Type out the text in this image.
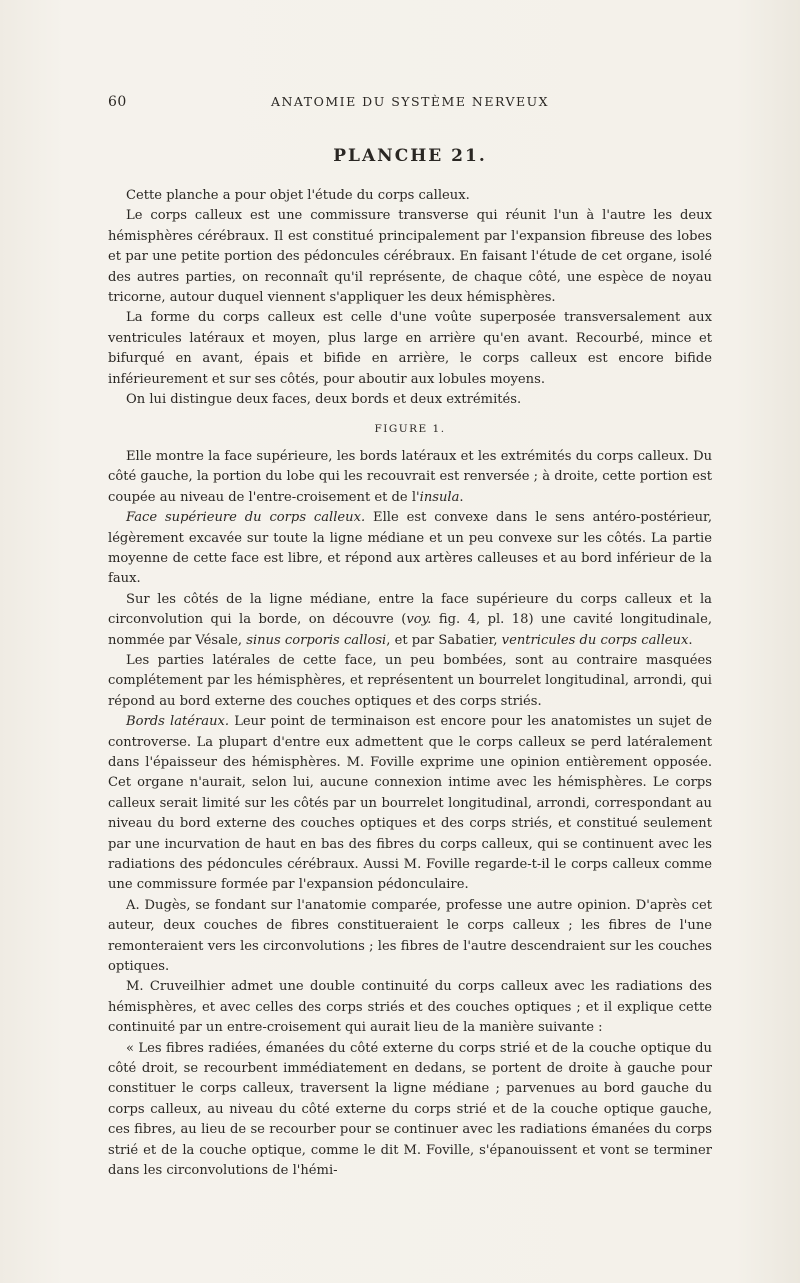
60	ANATOMIE DU SYSTÈME NERVEUX
PLANCHE 21.

Cette planche a pour objet l'étude du corps calleux.

Le corps calleux est une commissure transverse qui réunit l'un à l'autre les deux hémisphères cérébraux. Il est constitué principalement par l'expansion fibreuse des lobes et par une petite portion des pédoncules cérébraux. En faisant l'étude de cet organe, isolé des autres parties, on reconnaît qu'il représente, de chaque côté, une espèce de noyau tricorne, autour duquel viennent s'appliquer les deux hémisphères.

La forme du corps calleux est celle d'une voûte superposée transversalement aux ventricules latéraux et moyen, plus large en arrière qu'en avant. Recourbé, mince et bifurqué en avant, épais et bifide en arrière, le corps calleux est encore bifide inférieurement et sur ses côtés, pour aboutir aux lobules moyens.

On lui distingue deux faces, deux bords et deux extrémités.

FIGURE 1.

Elle montre la face supérieure, les bords latéraux et les extrémités du corps calleux. Du côté gauche, la portion du lobe qui les recouvrait est renversée ; à droite, cette portion est coupée au niveau de l'entre-croisement et de l'insula.

Face supérieure du corps calleux. Elle est convexe dans le sens antéro-postérieur, légèrement excavée sur toute la ligne médiane et un peu convexe sur les côtés. La partie moyenne de cette face est libre, et répond aux artères calleuses et au bord inférieur de la faux.

Sur les côtés de la ligne médiane, entre la face supérieure du corps calleux et la circonvolution qui la borde, on découvre (voy. fig. 4, pl. 18) une cavité longitudinale, nommée par Vésale, sinus corporis callosi, et par Sabatier, ventricules du corps calleux.

Les parties latérales de cette face, un peu bombées, sont au contraire masquées complétement par les hémisphères, et représentent un bourrelet longitudinal, arrondi, qui répond au bord externe des couches optiques et des corps striés.

Bords latéraux. Leur point de terminaison est encore pour les anatomistes un sujet de controverse. La plupart d'entre eux admettent que le corps calleux se perd latéralement dans l'épaisseur des hémisphères. M. Foville exprime une opinion entièrement opposée. Cet organe n'aurait, selon lui, aucune connexion intime avec les hémisphères. Le corps calleux serait limité sur les côtés par un bourrelet longitudinal, arrondi, correspondant au niveau du bord externe des couches optiques et des corps striés, et constitué seulement par une incurvation de haut en bas des fibres du corps calleux, qui se continuent avec les radiations des pédoncules cérébraux. Aussi M. Foville regarde-t-il le corps calleux comme une commissure formée par l'expansion pédonculaire.

A. Dugès, se fondant sur l'anatomie comparée, professe une autre opinion. D'après cet auteur, deux couches de fibres constitueraient le corps calleux ; les fibres de l'une remonteraient vers les circonvolutions ; les fibres de l'autre descendraient sur les couches optiques.

M. Cruveilhier admet une double continuité du corps calleux avec les radiations des hémisphères, et avec celles des corps striés et des couches optiques ; et il explique cette continuité par un entre-croisement qui aurait lieu de la manière suivante :

« Les fibres radiées, émanées du côté externe du corps strié et de la couche optique du côté droit, se recourbent immédiatement en dedans, se portent de droite à gauche pour constituer le corps calleux, traversent la ligne médiane ; parvenues au bord gauche du corps calleux, au niveau du côté externe du corps strié et de la couche optique gauche, ces fibres, au lieu de se recourber pour se continuer avec les radiations émanées du corps strié et de la couche optique, comme le dit M. Foville, s'épanouissent et vont se terminer dans les circonvolutions de l'hémi-
